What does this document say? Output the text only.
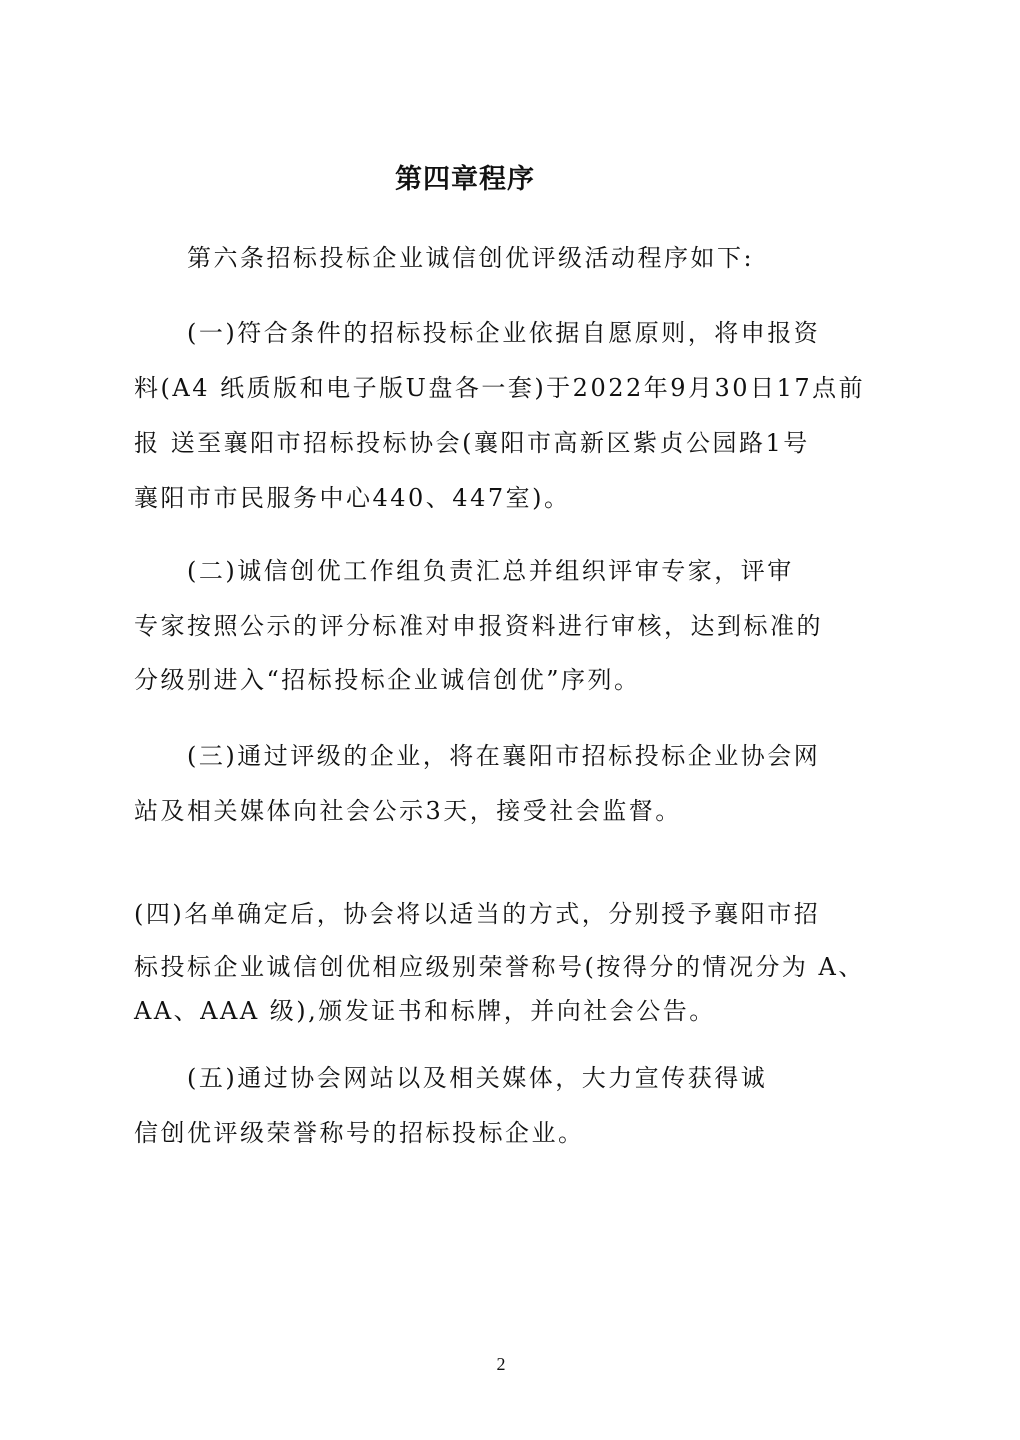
第四章程序
第六条招标投标企业诚信创优评级活动程序如下:
(一)符合条件的招标投标企业依据自愿原则，将申报资
料(A4 纸质版和电子版U盘各一套)于2022年9月30日17点前
报 送至襄阳市招标投标协会(襄阳市高新区紫贞公园路1号
襄阳市市民服务中心440、447室)。
(二)诚信创优工作组负责汇总并组织评审专家，评审
专家按照公示的评分标准对申报资料进行审核，达到标准的
分级别进入“招标投标企业诚信创优”序列。
(三)通过评级的企业，将在襄阳市招标投标企业协会网
站及相关媒体向社会公示3天，接受社会监督。
(四)名单确定后，协会将以适当的方式，分别授予襄阳市招
标投标企业诚信创优相应级别荣誉称号(按得分的情况分为 A、
AA、AAA 级),颁发证书和标牌，并向社会公告。
(五)通过协会网站以及相关媒体，大力宣传获得诚
信创优评级荣誉称号的招标投标企业。
2
